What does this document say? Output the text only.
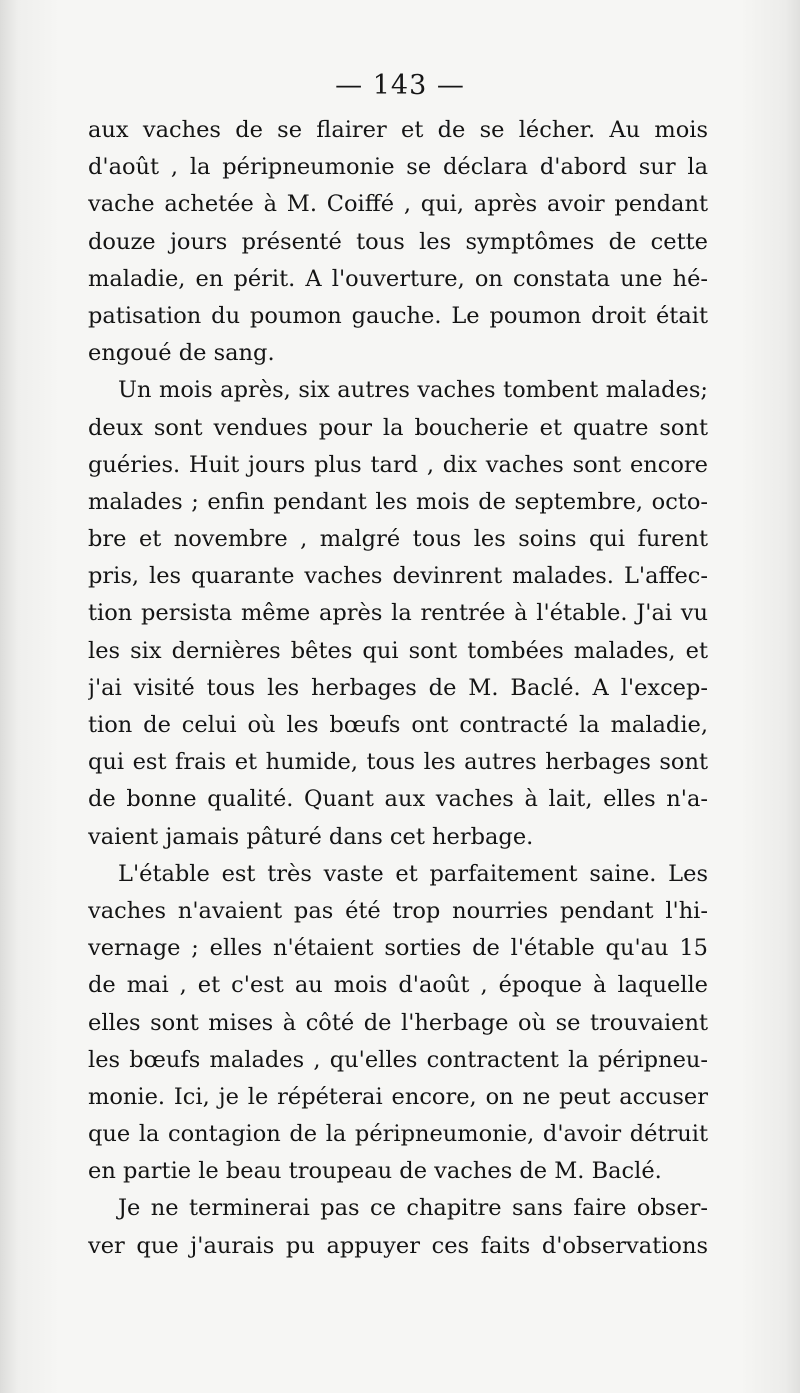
— 143 —
aux vaches de se flairer et de se lécher. Au mois
d'août , la péripneumonie se déclara d'abord sur la
vache achetée à M. Coiffé , qui, après avoir pendant
douze jours présenté tous les symptômes de cette
maladie, en périt. A l'ouverture, on constata une hé-
patisation du poumon gauche. Le poumon droit était
engoué de sang.
Un mois après, six autres vaches tombent malades;
deux sont vendues pour la boucherie et quatre sont
guéries. Huit jours plus tard , dix vaches sont encore
malades ; enfin pendant les mois de septembre, octo-
bre et novembre , malgré tous les soins qui furent
pris, les quarante vaches devinrent malades. L'affec-
tion persista même après la rentrée à l'étable. J'ai vu
les six dernières bêtes qui sont tombées malades, et
j'ai visité tous les herbages de M. Baclé. A l'excep-
tion de celui où les bœufs ont contracté la maladie,
qui est frais et humide, tous les autres herbages sont
de bonne qualité. Quant aux vaches à lait, elles n'a-
vaient jamais pâturé dans cet herbage.
L'étable est très vaste et parfaitement saine. Les
vaches n'avaient pas été trop nourries pendant l'hi-
vernage ; elles n'étaient sorties de l'étable qu'au 15
de mai , et c'est au mois d'août , époque à laquelle
elles sont mises à côté de l'herbage où se trouvaient
les bœufs malades , qu'elles contractent la péripneu-
monie. Ici, je le répéterai encore, on ne peut accuser
que la contagion de la péripneumonie, d'avoir détruit
en partie le beau troupeau de vaches de M. Baclé.
Je ne terminerai pas ce chapitre sans faire obser-
ver que j'aurais pu appuyer ces faits d'observations
